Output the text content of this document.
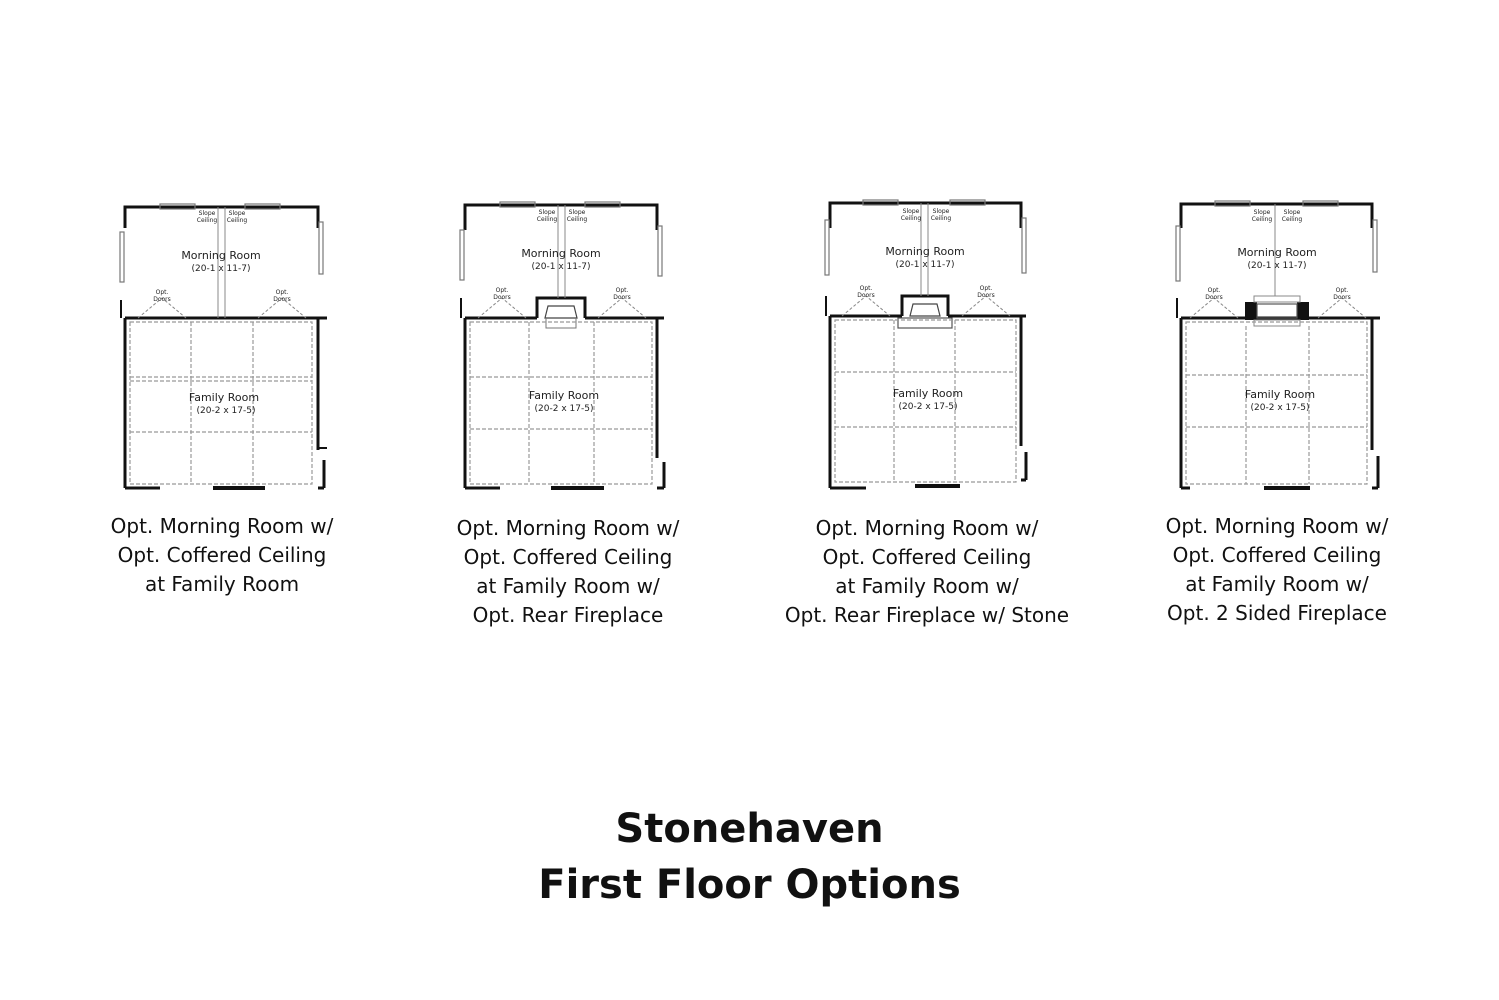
Slope
Ceiling
Slope
Ceiling
Morning Room
(20-1 x 11-7)
Opt.
Doors
Opt.
Doors
Family Room
(20-2 x 17-5)
Slope
Ceiling
Slope
Ceiling
Morning Room
(20-1 x 11-7)
Opt.
Doors
Opt.
Doors
Family Room
(20-2 x 17-5)
Slope
Ceiling
Slope
Ceiling
Morning Room
(20-1 x 11-7)
Opt.
Doors
Opt.
Doors
Family Room
(20-2 x 17-5)
Slope
Ceiling
Slope
Ceiling
Morning Room
(20-1 x 11-7)
Opt.
Doors
Opt.
Doors
Family Room
(20-2 x 17-5)
Opt. Morning Room w/
Opt. Coffered Ceiling
at Family Room
Opt. Morning Room w/
Opt. Coffered Ceiling
at Family Room w/
Opt. Rear Fireplace
Opt. Morning Room w/
Opt. Coffered Ceiling
at Family Room w/
Opt. Rear Fireplace w/ Stone
Opt. Morning Room w/
Opt. Coffered Ceiling
at Family Room w/
Opt. 2 Sided Fireplace
Stonehaven
First Floor Options
